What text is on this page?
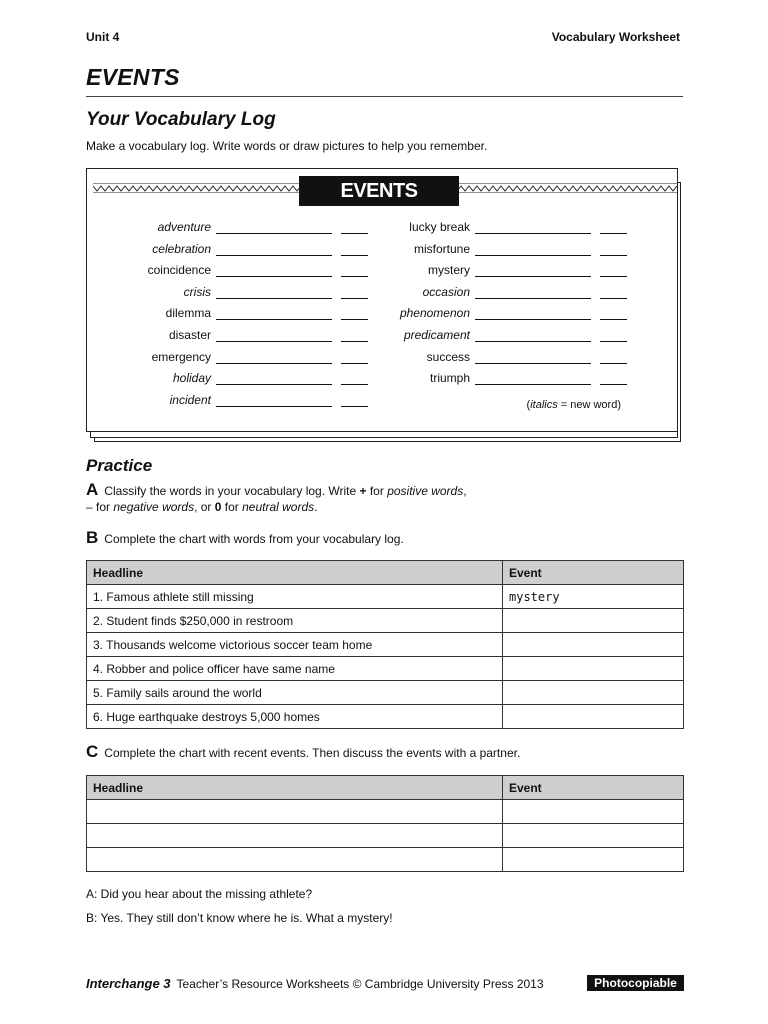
Unit 4	Vocabulary Worksheet
EVENTS
Your Vocabulary Log
Make a vocabulary log. Write words or draw pictures to help you remember.
EVENTS
adventure
celebration
coincidence
crisis
dilemma
disaster
emergency
holiday
incident
lucky break
misfortune
mystery
occasion
phenomenon
predicament
success
triumph
(italics = new word)
Practice
A Classify the words in your vocabulary log. Write + for positive words,
– for negative words, or 0 for neutral words.
B Complete the chart with words from your vocabulary log.
Headline	Event
1. Famous athlete still missing	mystery
2. Student finds $250,000 in restroom	
3. Thousands welcome victorious soccer team home	
4. Robber and police officer have same name	
5. Family sails around the world	
6. Huge earthquake destroys 5,000 homes	
C Complete the chart with recent events. Then discuss the events with a partner.
Headline	Event

A: Did you hear about the missing athlete?
B: Yes. They still don’t know where he is. What a mystery!
Interchange 3 Teacher’s Resource Worksheets © Cambridge University Press 2013	Photocopiable
